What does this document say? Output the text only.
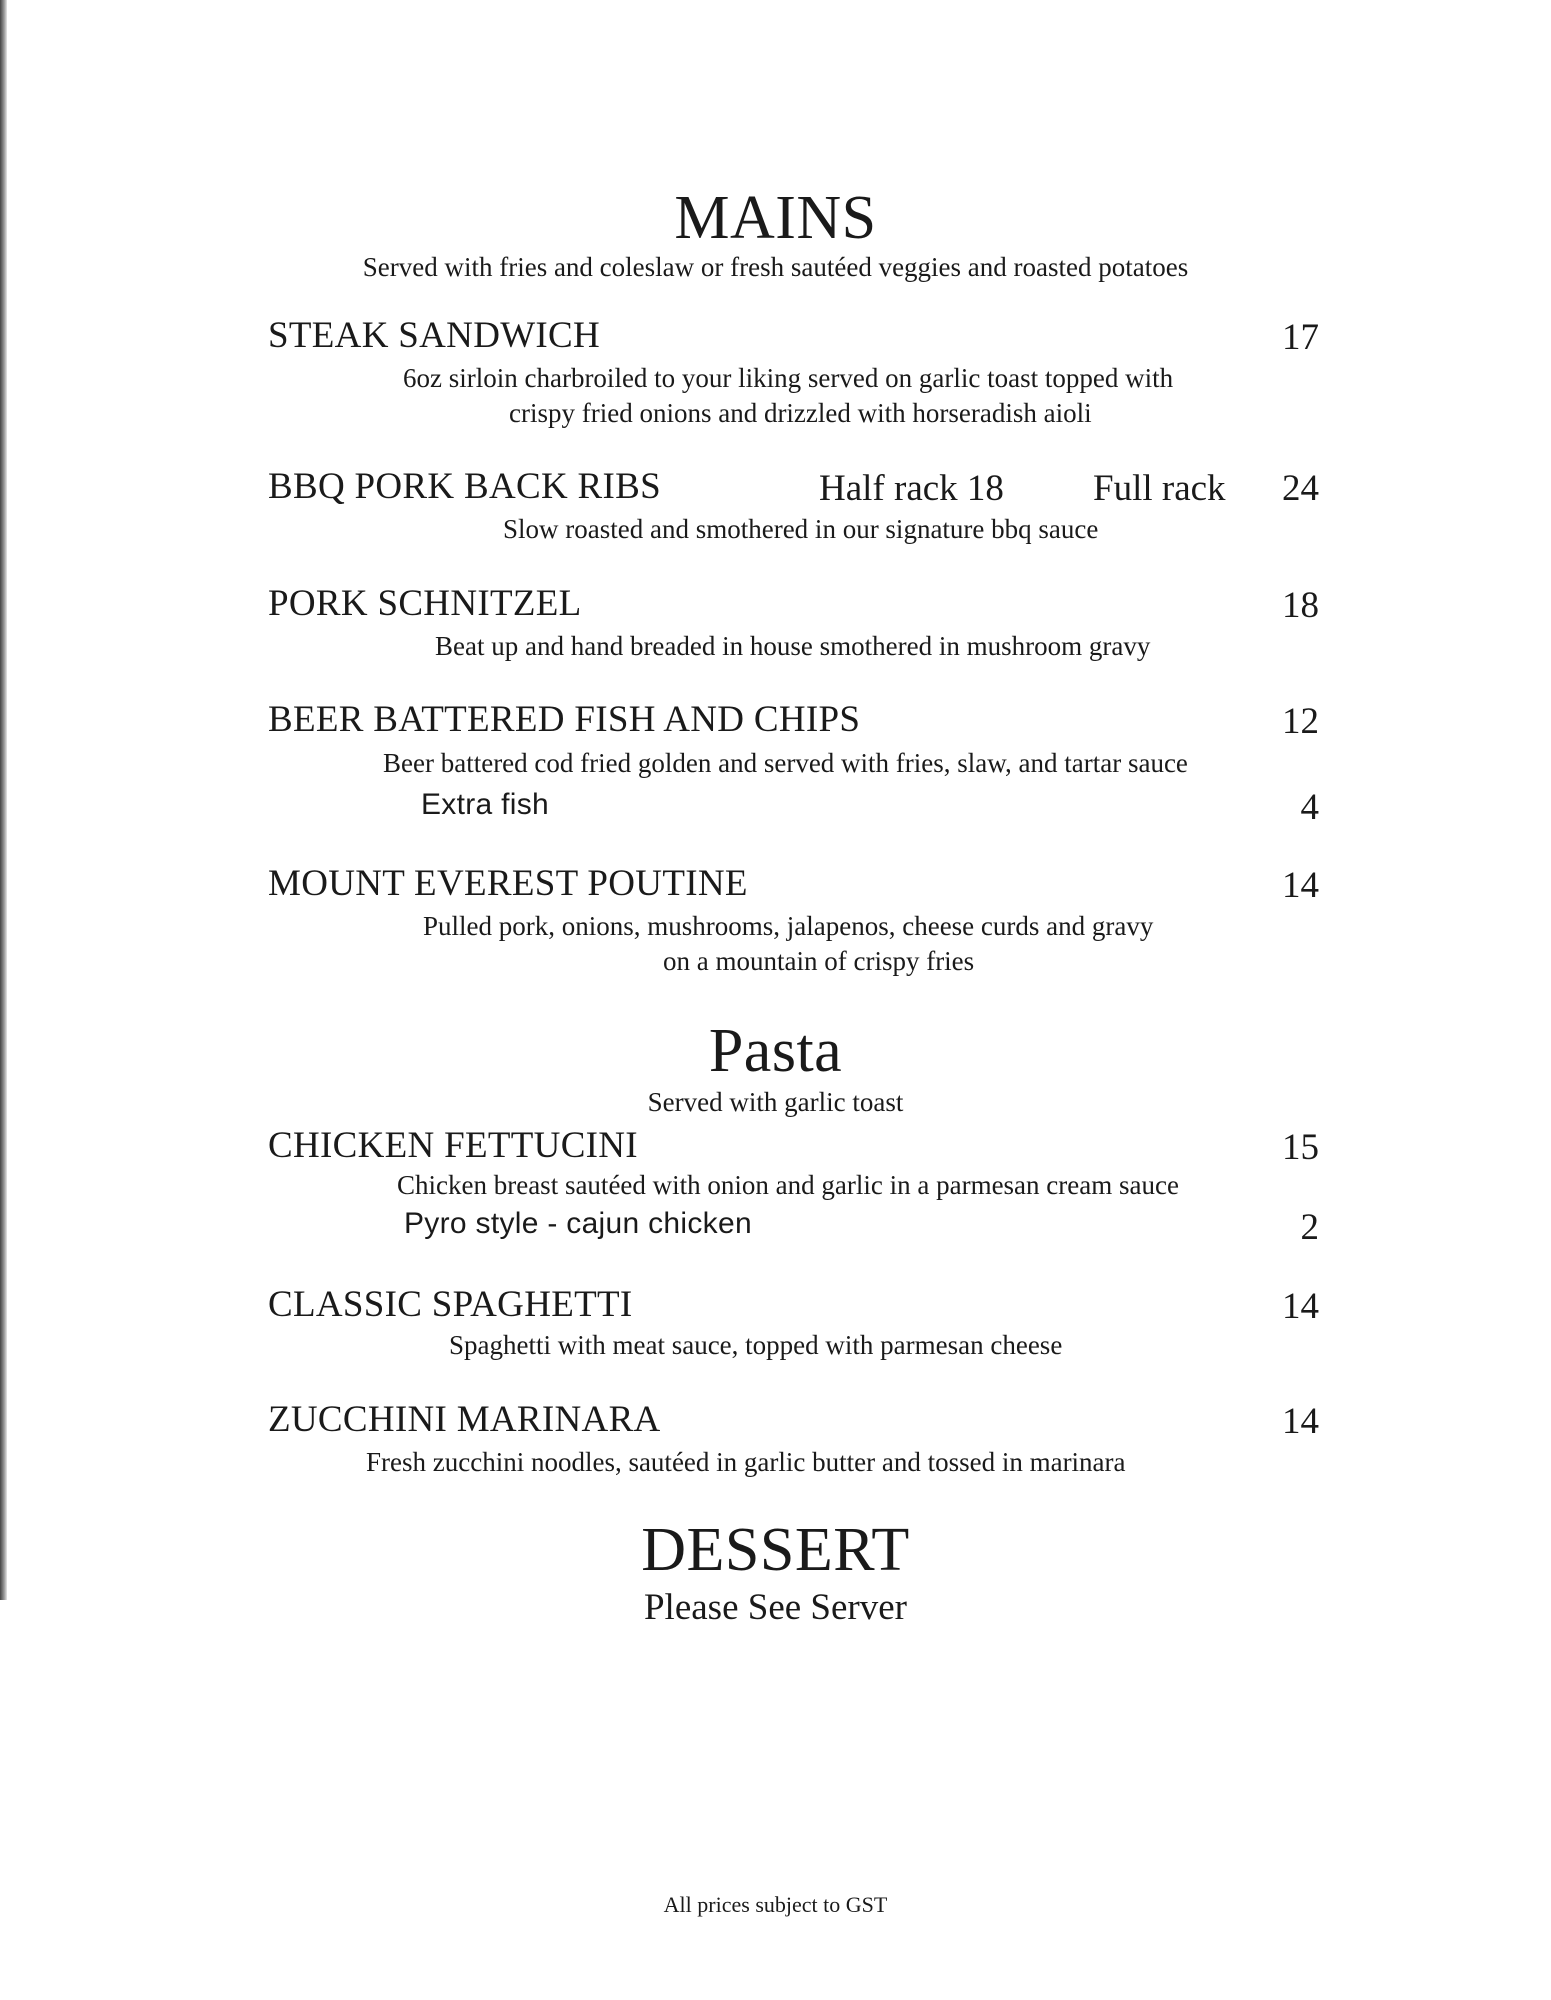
MAINS
Served with fries and coleslaw or fresh sautéed veggies and roasted potatoes
STEAK SANDWICH	17
6oz sirloin charbroiled to your liking served on garlic toast topped with
crispy fried onions and drizzled with horseradish aioli
BBQ PORK BACK RIBS	Half rack 18 Full rack 24
Slow roasted and smothered in our signature bbq sauce
PORK SCHNITZEL	18
Beat up and hand breaded in house smothered in mushroom gravy
BEER BATTERED FISH AND CHIPS	12
Beer battered cod fried golden and served with fries, slaw, and tartar sauce
Extra fish	4
MOUNT EVEREST POUTINE	14
Pulled pork, onions, mushrooms, jalapenos, cheese curds and gravy
on a mountain of crispy fries
Pasta
Served with garlic toast
CHICKEN FETTUCINI	15
Chicken breast sautéed with onion and garlic in a parmesan cream sauce
Pyro style - cajun chicken	2
CLASSIC SPAGHETTI	14
Spaghetti with meat sauce, topped with parmesan cheese
ZUCCHINI MARINARA	14
Fresh zucchini noodles, sautéed in garlic butter and tossed in marinara
DESSERT
Please See Server
All prices subject to GST
